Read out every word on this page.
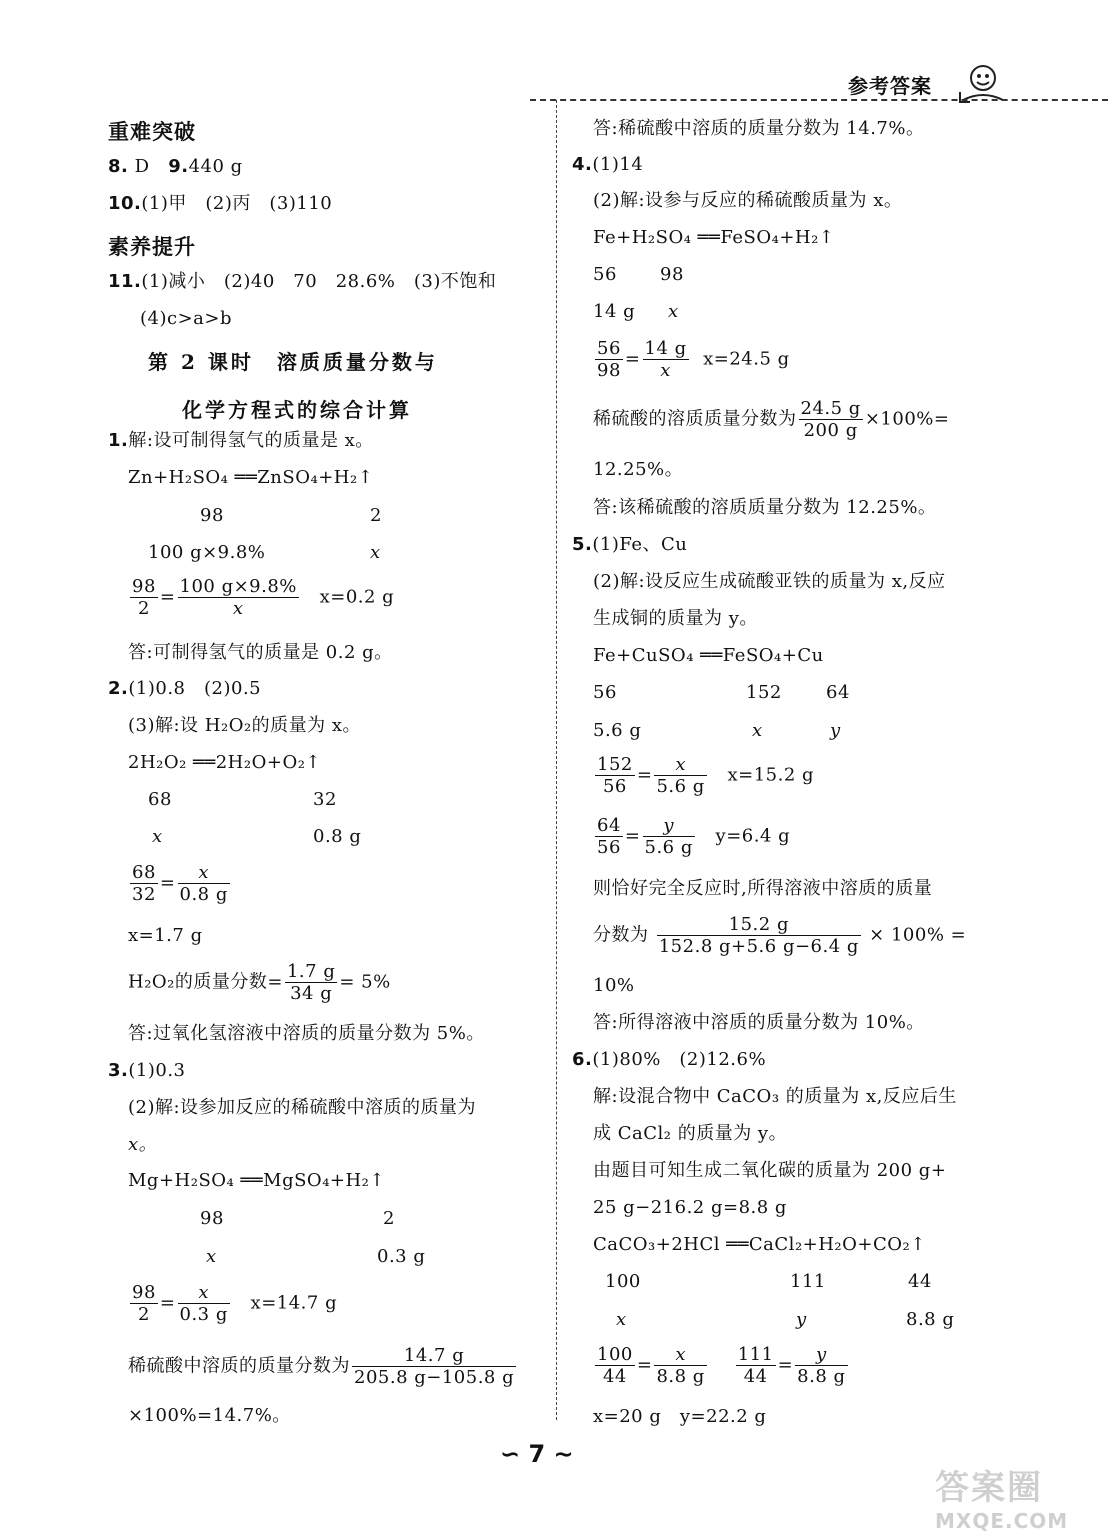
参考答案
重难突破
8. D   9.440 g
10.(1)甲　(2)丙　(3)110
素养提升
11.(1)减小　(2)40　70　28.6%　(3)不饱和
(4)c>a>b
第 2 课时　溶质质量分数与
化学方程式的综合计算
1.解:设可制得氢气的质量是 x。
Zn+H₂SO₄ ══ZnSO₄+H₂↑
98	2
100 g×9.8%	x
$\frac{98}{2} = \frac{100 g\times 9.8\%}{x} x=0.2$ g
答:可制得氢气的质量是 0.2 g。
2.(1)0.8　(2)0.5
(3)解:设 H₂O₂的质量为 x。
2H₂O₂ ══2H₂O+O₂↑
68	32
x	0.8 g
$\frac{68}{32} = \frac{x}{0.8 g}$
x=1.7 g
H₂O₂的质量分数= $\frac{1.7 g}{34 g} = 5\%$
答:过氧化氢溶液中溶质的质量分数为 5%。
3.(1)0.3
(2)解:设参加反应的稀硫酸中溶质的质量为
x。
Mg+H₂SO₄ ══MgSO₄+H₂↑
98	2
x	0.3 g
$\frac{98}{2} = \frac{x}{0.3 g} x=14.7$ g
稀硫酸中溶质的质量分数为 $\frac{14.7 g}{205.8 g-105.8 g}$
×100%=14.7%。
答:稀硫酸中溶质的质量分数为 14.7%。
4.(1)14
(2)解:设参与反应的稀硫酸质量为 x。
Fe+H₂SO₄ ══FeSO₄+H₂↑
56 98
14 g x
$\frac{56}{98} = \frac{14 g}{x} x=24.5$ g
稀硫酸的溶质质量分数为 $\frac{24.5 g}{200 g} \times 100\%=$
12.25%。
答:该稀硫酸的溶质质量分数为 12.25%。
5.(1)Fe、Cu
(2)解:设反应生成硫酸亚铁的质量为 x,反应
生成铜的质量为 y。
Fe+CuSO₄ ══FeSO₄+Cu
56	152 64
5.6 g	x	y
$\frac{152}{56} = \frac{x}{5.6 g} x=15.2$ g
$\frac{64}{56} = \frac{y}{5.6 g} y=6.4$ g
则恰好完全反应时,所得溶液中溶质的质量
分数为 $\frac{15.2 g}{152.8 g+5.6 g-6.4 g} \times 100\%$ =
10%
答:所得溶液中溶质的质量分数为 10%。
6.(1)80%　(2)12.6%
解:设混合物中 CaCO₃ 的质量为 x,反应后生
成 CaCl₂ 的质量为 y。
由题目可知生成二氧化碳的质量为 200 g+
25 g−216.2 g=8.8 g
CaCO₃+2HCl ══CaCl₂+H₂O+CO₂↑
100	111	44
x	y	8.8 g
$\frac{100}{44} = \frac{x}{8.8 g}$
$\frac{111}{44} = \frac{y}{8.8 g}$
x=20 g　y=22.2 g
∽ 7 ∼
答案圈
MXQE.COM
